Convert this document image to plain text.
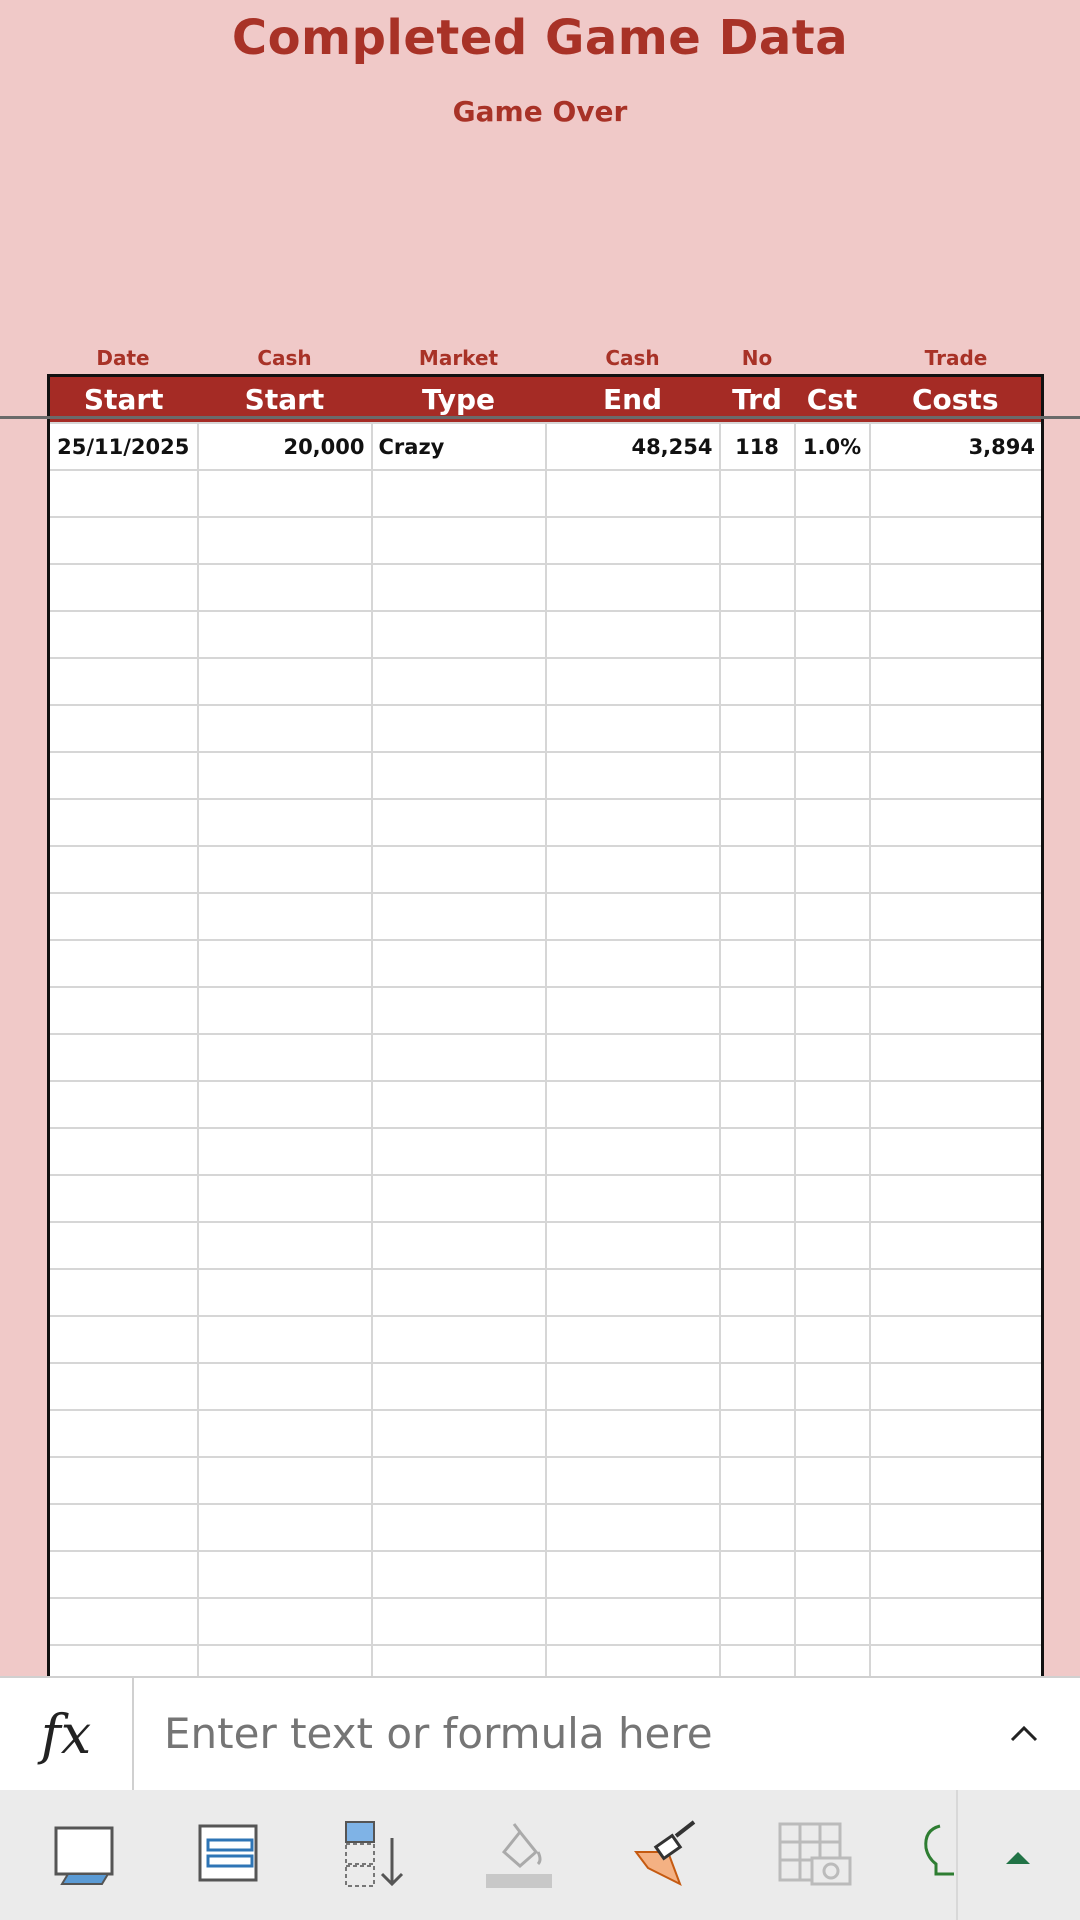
Completed Game Data
Game Over
Date	Cash	Market	Cash	No		Trade
Start	Start	Type	End	Trd	Cst	Costs
25/11/2025	20,000	Crazy	48,254	118	1.0%	3,894

fx
Enter text or formula here
